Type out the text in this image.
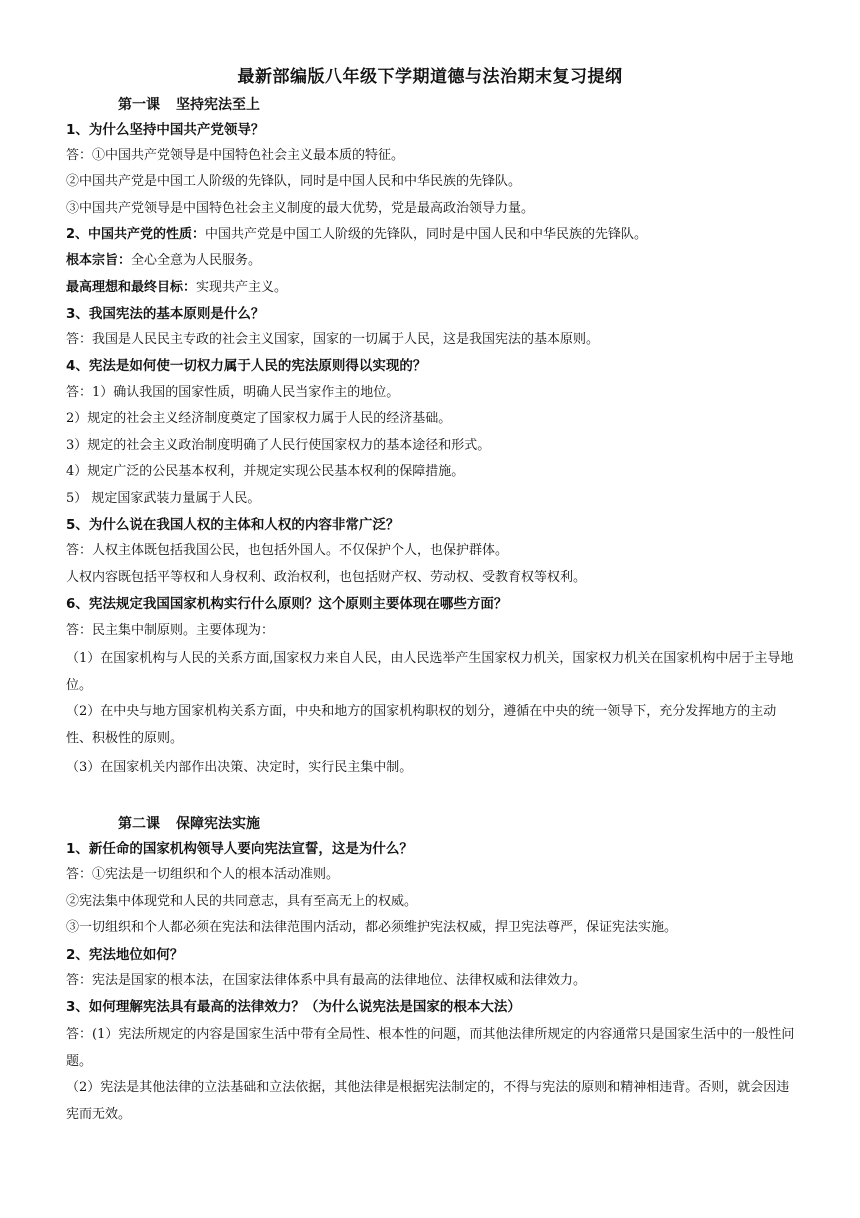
最新部编版八年级下学期道德与法治期末复习提纲
第一课 坚持宪法至上
1、为什么坚持中国共产党领导？
答：①中国共产党领导是中国特色社会主义最本质的特征。
②中国共产党是中国工人阶级的先锋队，同时是中国人民和中华民族的先锋队。
③中国共产党领导是中国特色社会主义制度的最大优势，党是最高政治领导力量。
2、中国共产党的性质：中国共产党是中国工人阶级的先锋队，同时是中国人民和中华民族的先锋队。
根本宗旨：全心全意为人民服务。
最高理想和最终目标：实现共产主义。
3、我国宪法的基本原则是什么？
答：我国是人民民主专政的社会主义国家，国家的一切属于人民，这是我国宪法的基本原则。
4、宪法是如何使一切权力属于人民的宪法原则得以实现的？
答：1）确认我国的国家性质，明确人民当家作主的地位。
2）规定的社会主义经济制度奠定了国家权力属于人民的经济基础。
3）规定的社会主义政治制度明确了人民行使国家权力的基本途径和形式。
4）规定广泛的公民基本权利，并规定实现公民基本权利的保障措施。
5） 规定国家武装力量属于人民。
5、为什么说在我国人权的主体和人权的内容非常广泛？
答：人权主体既包括我国公民，也包括外国人。不仅保护个人，也保护群体。
人权内容既包括平等权和人身权利、政治权利，也包括财产权、劳动权、受教育权等权利。
6、宪法规定我国国家机构实行什么原则？这个原则主要体现在哪些方面？
答：民主集中制原则。主要体现为：
（1）在国家机构与人民的关系方面,国家权力来自人民，由人民选举产生国家权力机关，国家权力机关在国家机构中居于主导地位。
（2）在中央与地方国家机构关系方面，中央和地方的国家机构职权的划分，遵循在中央的统一领导下，充分发挥地方的主动性、积极性的原则。
（3）在国家机关内部作出决策、决定时，实行民主集中制。
第二课 保障宪法实施
1、新任命的国家机构领导人要向宪法宣誓，这是为什么？
答：①宪法是一切组织和个人的根本活动准则。
②宪法集中体现党和人民的共同意志，具有至高无上的权威。
③一切组织和个人都必须在宪法和法律范围内活动，都必须维护宪法权威，捍卫宪法尊严，保证宪法实施。
2、宪法地位如何？
答：宪法是国家的根本法，在国家法律体系中具有最高的法律地位、法律权威和法律效力。
3、如何理解宪法具有最高的法律效力？（为什么说宪法是国家的根本大法）
答：(1）宪法所规定的内容是国家生活中带有全局性、根本性的问题，而其他法律所规定的内容通常只是国家生活中的一般性问题。
（2）宪法是其他法律的立法基础和立法依据，其他法律是根据宪法制定的，不得与宪法的原则和精神相违背。否则，就会因违宪而无效。
